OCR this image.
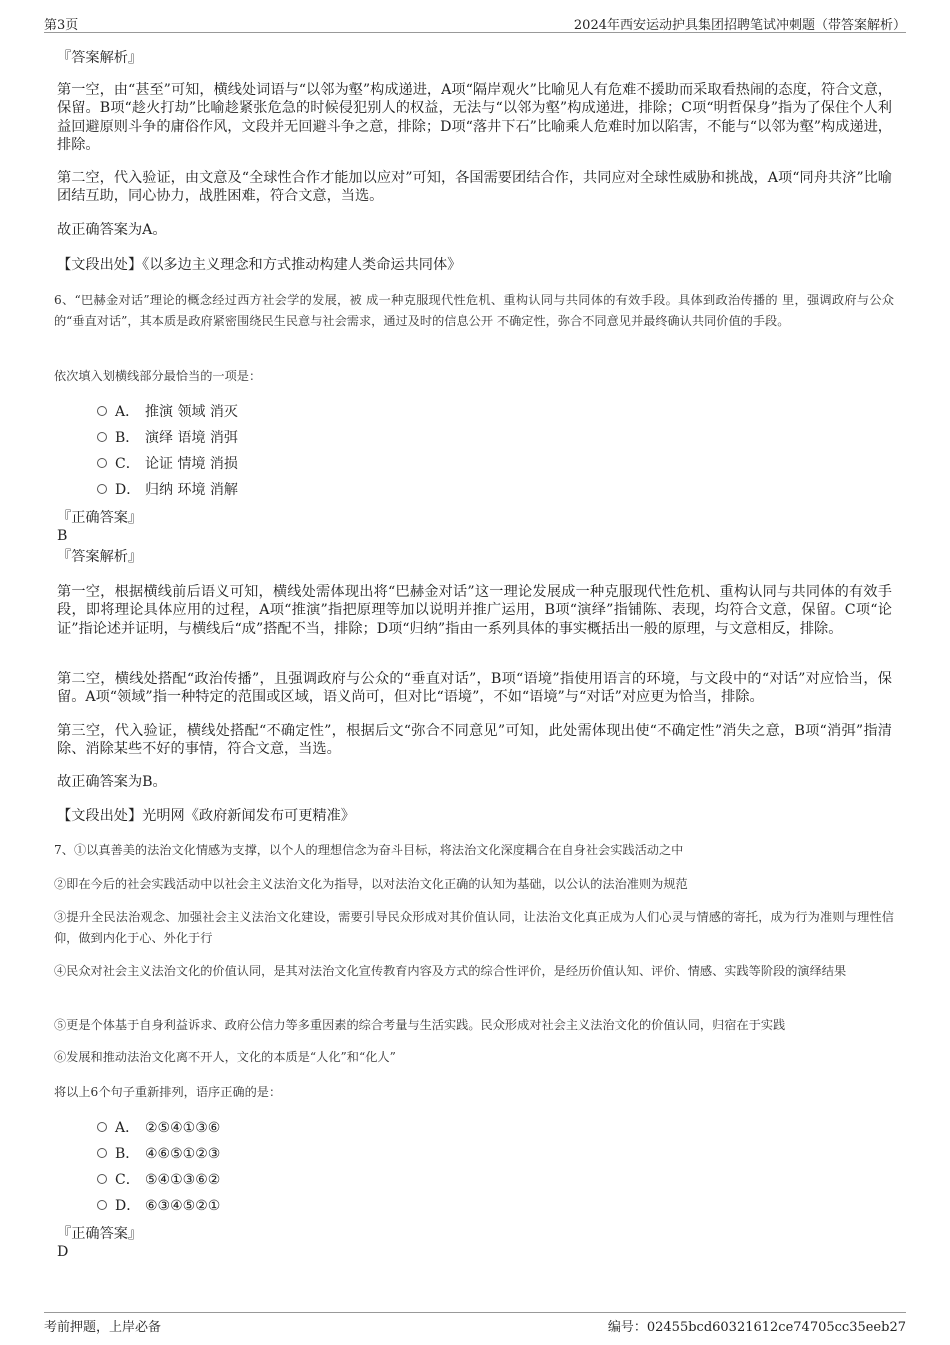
第3页	2024年西安运动护具集团招聘笔试冲刺题（带答案解析）
『答案解析』

第一空，由“甚至”可知，横线处词语与“以邻为壑”构成递进，A项“隔岸观火”比喻见人有危难不援助而采取看热闹的态度，符合文意，保留。B项“趁火打劫”比喻趁紧张危急的时候侵犯别人的权益，无法与“以邻为壑”构成递进，排除；C项“明哲保身”指为了保住个人利益回避原则斗争的庸俗作风，文段并无回避斗争之意，排除；D项“落井下石”比喻乘人危难时加以陷害，不能与“以邻为壑”构成递进，排除。

第二空，代入验证，由文意及“全球性合作才能加以应对”可知，各国需要团结合作，共同应对全球性威胁和挑战，A项“同舟共济”比喻团结互助，同心协力，战胜困难，符合文意，当选。

故正确答案为A。

【文段出处】《以多边主义理念和方式推动构建人类命运共同体》

6、“巴赫金对话”理论的概念经过西方社会学的发展，被 成一种克服现代性危机、重构认同与共同体的有效手段。具体到政治传播的 里，强调政府与公众的“垂直对话”，其本质是政府紧密围绕民生民意与社会需求，通过及时的信息公开 不确定性，弥合不同意见并最终确认共同价值的手段。

依次填入划横线部分最恰当的一项是：

A． 推演 领域 消灭
B． 演绎 语境 消弭
C． 论证 情境 消损
D． 归纳 环境 消解
『正确答案』
B
『答案解析』

第一空，根据横线前后语义可知，横线处需体现出将“巴赫金对话”这一理论发展成一种克服现代性危机、重构认同与共同体的有效手段，即将理论具体应用的过程，A项“推演”指把原理等加以说明并推广运用，B项“演绎”指铺陈、表现，均符合文意，保留。C项“论证”指论述并证明，与横线后“成”搭配不当，排除；D项“归纳”指由一系列具体的事实概括出一般的原理，与文意相反，排除。

第二空，横线处搭配“政治传播”，且强调政府与公众的“垂直对话”，B项“语境”指使用语言的环境，与文段中的“对话”对应恰当，保留。A项“领域”指一种特定的范围或区域，语义尚可，但对比“语境”，不如“语境”与“对话”对应更为恰当，排除。

第三空，代入验证，横线处搭配“不确定性”，根据后文“弥合不同意见”可知，此处需体现出使“不确定性”消失之意，B项“消弭”指清除、消除某些不好的事情，符合文意，当选。

故正确答案为B。

【文段出处】光明网《政府新闻发布可更精准》

7、①以真善美的法治文化情感为支撑，以个人的理想信念为奋斗目标，将法治文化深度耦合在自身社会实践活动之中

②即在今后的社会实践活动中以社会主义法治文化为指导，以对法治文化正确的认知为基础，以公认的法治准则为规范

③提升全民法治观念、加强社会主义法治文化建设，需要引导民众形成对其价值认同，让法治文化真正成为人们心灵与情感的寄托，成为行为准则与理性信仰，做到内化于心、外化于行

④民众对社会主义法治文化的价值认同，是其对法治文化宣传教育内容及方式的综合性评价，是经历价值认知、评价、情感、实践等阶段的演绎结果

⑤更是个体基于自身利益诉求、政府公信力等多重因素的综合考量与生活实践。民众形成对社会主义法治文化的价值认同，归宿在于实践

⑥发展和推动法治文化离不开人，文化的本质是“人化”和“化人”

将以上6个句子重新排列，语序正确的是：

A． ②⑤④①③⑥
B． ④⑥⑤①②③
C． ⑤④①③⑥②
D． ⑥③④⑤②①
『正确答案』
D
考前押题，上岸必备	编号：02455bcd60321612ce74705cc35eeb27
